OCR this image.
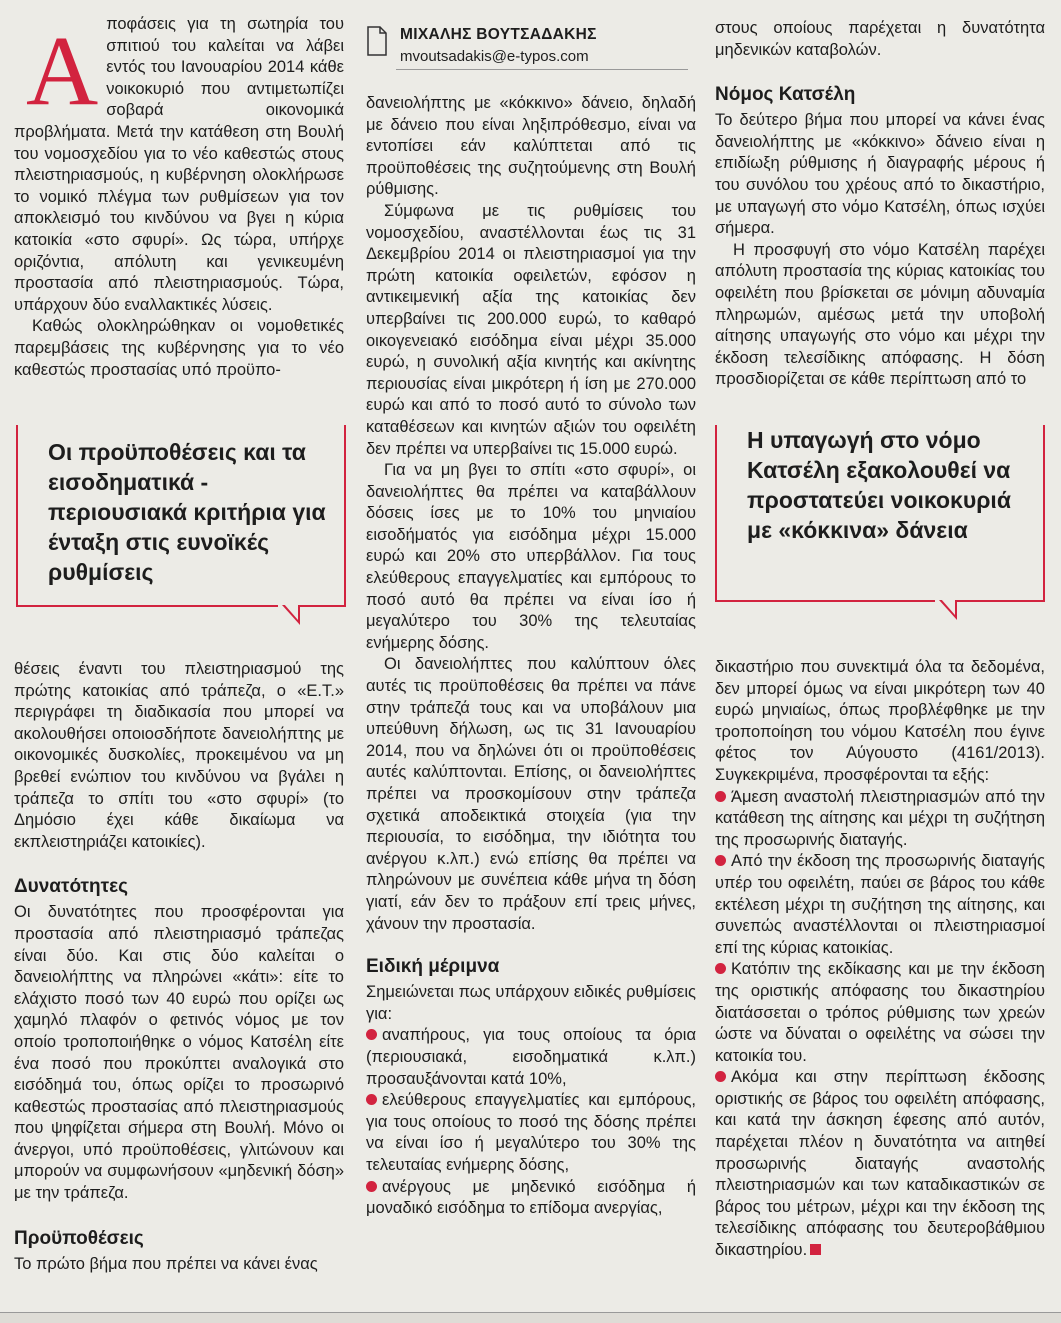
Α ποφάσεις για τη σωτηρία του σπιτιού του καλείται να λάβει εντός του Ιανουαρίου 2014 κάθε νοικοκυριό που αντιμετωπίζει σοβαρά οικονομικά προβλήματα. Μετά την κατάθεση στη Βουλή του νομοσχεδίου για το νέο καθεστώς στους πλειστηριασμούς, η κυβέρνηση ολοκλήρωσε το νομικό πλέγμα των ρυθμίσεων για τον αποκλεισμό του κινδύνου να βγει η κύρια κατοικία «στο σφυρί». Ως τώρα, υπήρχε οριζόντια, απόλυτη και γενικευμένη προστασία από πλειστηριασμούς. Τώρα, υπάρχουν δύο εναλλακτικές λύσεις.

Καθώς ολοκληρώθηκαν οι νομοθετικές παρεμβάσεις της κυβέρνησης για το νέο καθεστώς προστασίας υπό προϋπο-

Οι προϋποθέσεις και τα εισοδηματικά - περιουσιακά κριτήρια για ένταξη στις ευνοϊκές ρυθμίσεις

θέσεις έναντι του πλειστηριασμού της πρώτης κατοικίας από τράπεζα, ο «Ε.Τ.» περιγράφει τη διαδικασία που μπορεί να ακολουθήσει οποιοσδήποτε δανειολήπτης με οικονομικές δυσκολίες, προκειμένου να μη βρεθεί ενώπιον του κινδύνου να βγάλει η τράπεζα το σπίτι του «στο σφυρί» (το Δημόσιο έχει κάθε δικαίωμα να εκπλειστηριάζει κατοικίες).

Δυνατότητες

Οι δυνατότητες που προσφέρονται για προστασία από πλειστηριασμό τράπεζας είναι δύο. Και στις δύο καλείται ο δανειολήπτης να πληρώνει «κάτι»: είτε το ελάχιστο ποσό των 40 ευρώ που ορίζει ως χαμηλό πλαφόν ο φετινός νόμος με τον οποίο τροποποιήθηκε ο νόμος Κατσέλη είτε ένα ποσό που προκύπτει αναλογικά στο εισόδημά του, όπως ορίζει το προσωρινό καθεστώς προστασίας από πλειστηριασμούς που ψηφίζεται σήμερα στη Βουλή. Μόνο οι άνεργοι, υπό προϋποθέσεις, γλιτώνουν και μπορούν να συμφωνήσουν «μηδενική δόση» με την τράπεζα.

Προϋποθέσεις

Το πρώτο βήμα που πρέπει να κάνει ένας

ΜΙΧΑΛΗΣ ΒΟΥΤΣΑΔΑΚΗΣ
mvoutsadakis@e-typos.com

δανειολήπτης με «κόκκινο» δάνειο, δηλαδή με δάνειο που είναι ληξιπρόθεσμο, είναι να εντοπίσει εάν καλύπτεται από τις προϋποθέσεις της συζητούμενης στη Βουλή ρύθμισης.

Σύμφωνα με τις ρυθμίσεις του νομοσχεδίου, αναστέλλονται έως τις 31 Δεκεμβρίου 2014 οι πλειστηριασμοί για την πρώτη κατοικία οφειλετών, εφόσον η αντικειμενική αξία της κατοικίας δεν υπερβαίνει τις 200.000 ευρώ, το καθαρό οικογενειακό εισόδημα είναι μέχρι 35.000 ευρώ, η συνολική αξία κινητής και ακίνητης περιουσίας είναι μικρότερη ή ίση με 270.000 ευρώ και από το ποσό αυτό το σύνολο των καταθέσεων και κινητών αξιών του οφειλέτη δεν πρέπει να υπερβαίνει τις 15.000 ευρώ.

Για να μη βγει το σπίτι «στο σφυρί», οι δανειολήπτες θα πρέπει να καταβάλλουν δόσεις ίσες με το 10% του μηνιαίου εισοδήματός για εισόδημα μέχρι 15.000 ευρώ και 20% στο υπερβάλλον. Για τους ελεύθερους επαγγελματίες και εμπόρους το ποσό αυτό θα πρέπει να είναι ίσο ή μεγαλύτερο του 30% της τελευταίας ενήμερης δόσης.

Οι δανειολήπτες που καλύπτουν όλες αυτές τις προϋποθέσεις θα πρέπει να πάνε στην τράπεζά τους και να υποβάλουν μια υπεύθυνη δήλωση, ως τις 31 Ιανουαρίου 2014, που να δηλώνει ότι οι προϋποθέσεις αυτές καλύπτονται. Επίσης, οι δανειολήπτες πρέπει να προσκομίσουν στην τράπεζα σχετικά αποδεικτικά στοιχεία (για την περιουσία, το εισόδημα, την ιδιότητα του ανέργου κ.λπ.) ενώ επίσης θα πρέπει να πληρώνουν με συνέπεια κάθε μήνα τη δόση γιατί, εάν δεν το πράξουν επί τρεις μήνες, χάνουν την προστασία.

Ειδική μέριμνα

Σημειώνεται πως υπάρχουν ειδικές ρυθμίσεις για:

αναπήρους, για τους οποίους τα όρια (περιουσιακά, εισοδηματικά κ.λπ.) προσαυξάνονται κατά 10%,

ελεύθερους επαγγελματίες και εμπόρους, για τους οποίους το ποσό της δόσης πρέπει να είναι ίσο ή μεγαλύτερο του 30% της τελευταίας ενήμερης δόσης,

ανέργους με μηδενικό εισόδημα ή μοναδικό εισόδημα το επίδομα ανεργίας,

στους οποίους παρέχεται η δυνατότητα μηδενικών καταβολών.

Νόμος Κατσέλη

Το δεύτερο βήμα που μπορεί να κάνει ένας δανειολήπτης με «κόκκινο» δάνειο είναι η επιδίωξη ρύθμισης ή διαγραφής μέρους ή του συνόλου του χρέους από το δικαστήριο, με υπαγωγή στο νόμο Κατσέλη, όπως ισχύει σήμερα.

Η προσφυγή στο νόμο Κατσέλη παρέχει απόλυτη προστασία της κύριας κατοικίας του οφειλέτη που βρίσκεται σε μόνιμη αδυναμία πληρωμών, αμέσως μετά την υποβολή αίτησης υπαγωγής στο νόμο και μέχρι την έκδοση τελεσίδικης απόφασης. Η δόση προσδιορίζεται σε κάθε περίπτωση από το

Η υπαγωγή στο νόμο Κατσέλη εξακολουθεί να προστατεύει νοικοκυριά με «κόκκινα» δάνεια

δικαστήριο που συνεκτιμά όλα τα δεδομένα, δεν μπορεί όμως να είναι μικρότερη των 40 ευρώ μηνιαίως, όπως προβλέφθηκε με την τροποποίηση του νόμου Κατσέλη που έγινε φέτος τον Αύγουστο (4161/2013). Συγκεκριμένα, προσφέρονται τα εξής:

Άμεση αναστολή πλειστηριασμών από την κατάθεση της αίτησης και μέχρι τη συζήτηση της προσωρινής διαταγής.

Από την έκδοση της προσωρινής διαταγής υπέρ του οφειλέτη, παύει σε βάρος του κάθε εκτέλεση μέχρι τη συζήτηση της αίτησης, και συνεπώς αναστέλλονται οι πλειστηριασμοί επί της κύριας κατοικίας.

Κατόπιν της εκδίκασης και με την έκδοση της οριστικής απόφασης του δικαστηρίου διατάσσεται ο τρόπος ρύθμισης των χρεών ώστε να δύναται ο οφειλέτης να σώσει την κατοικία του.

Ακόμα και στην περίπτωση έκδοσης οριστικής σε βάρος του οφειλέτη απόφασης, και κατά την άσκηση έφεσης από αυτόν, παρέχεται πλέον η δυνατότητα να αιτηθεί προσωρινής διαταγής αναστολής πλειστηριασμών και των καταδικαστικών σε βάρος του μέτρων, μέχρι και την έκδοση της τελεσίδικης απόφασης του δευτεροβάθμιου δικαστηρίου.
